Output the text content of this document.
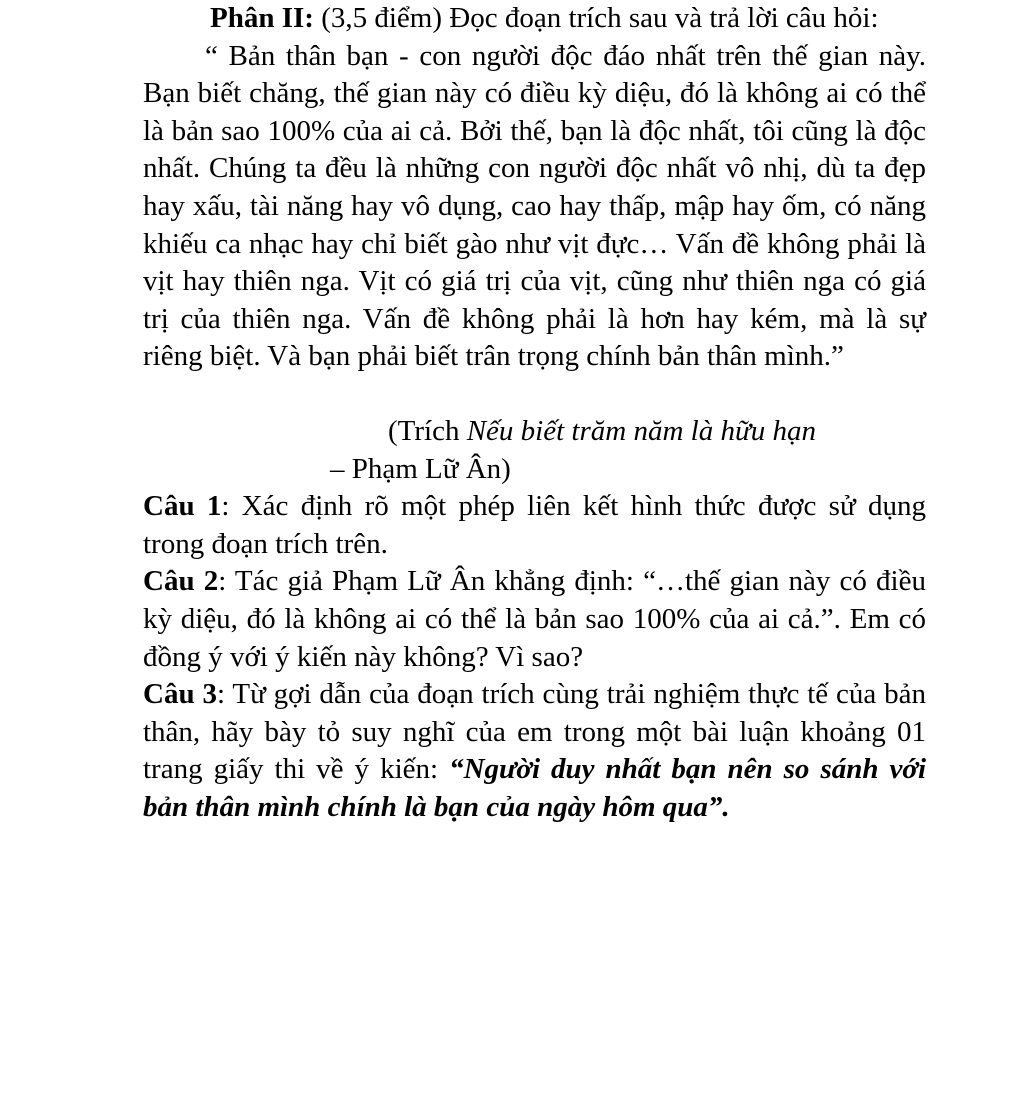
Phân II: (3,5 điểm) Đọc đoạn trích sau và trả lời câu hỏi:

“ Bản thân bạn - con người độc đáo nhất trên thế gian này. Bạn biết chăng, thế gian này có điều kỳ diệu, đó là không ai có thể là bản sao 100% của ai cả. Bởi thế, bạn là độc nhất, tôi cũng là độc nhất. Chúng ta đều là những con người độc nhất vô nhị, dù ta đẹp hay xấu, tài năng hay vô dụng, cao hay thấp, mập hay ốm, có năng khiếu ca nhạc hay chỉ biết gào như vịt đực… Vấn đề không phải là vịt hay thiên nga. Vịt có giá trị của vịt, cũng như thiên nga có giá trị của thiên nga. Vấn đề không phải là hơn hay kém, mà là sự riêng biệt. Và bạn phải biết trân trọng chính bản thân mình.”

(Trích Nếu biết trăm năm là hữu hạn

– Phạm Lữ Ân)

Câu 1: Xác định rõ một phép liên kết hình thức được sử dụng trong đoạn trích trên.

Câu 2: Tác giả Phạm Lữ Ân khẳng định: “…thế gian này có điều kỳ diệu, đó là không ai có thể là bản sao 100% của ai cả.”. Em có đồng ý với ý kiến này không? Vì sao?

Câu 3: Từ gợi dẫn của đoạn trích cùng trải nghiệm thực tế của bản thân, hãy bày tỏ suy nghĩ của em trong một bài luận khoảng 01 trang giấy thi về ý kiến: “Người duy nhất bạn nên so sánh với bản thân mình chính là bạn của ngày hôm qua”.
